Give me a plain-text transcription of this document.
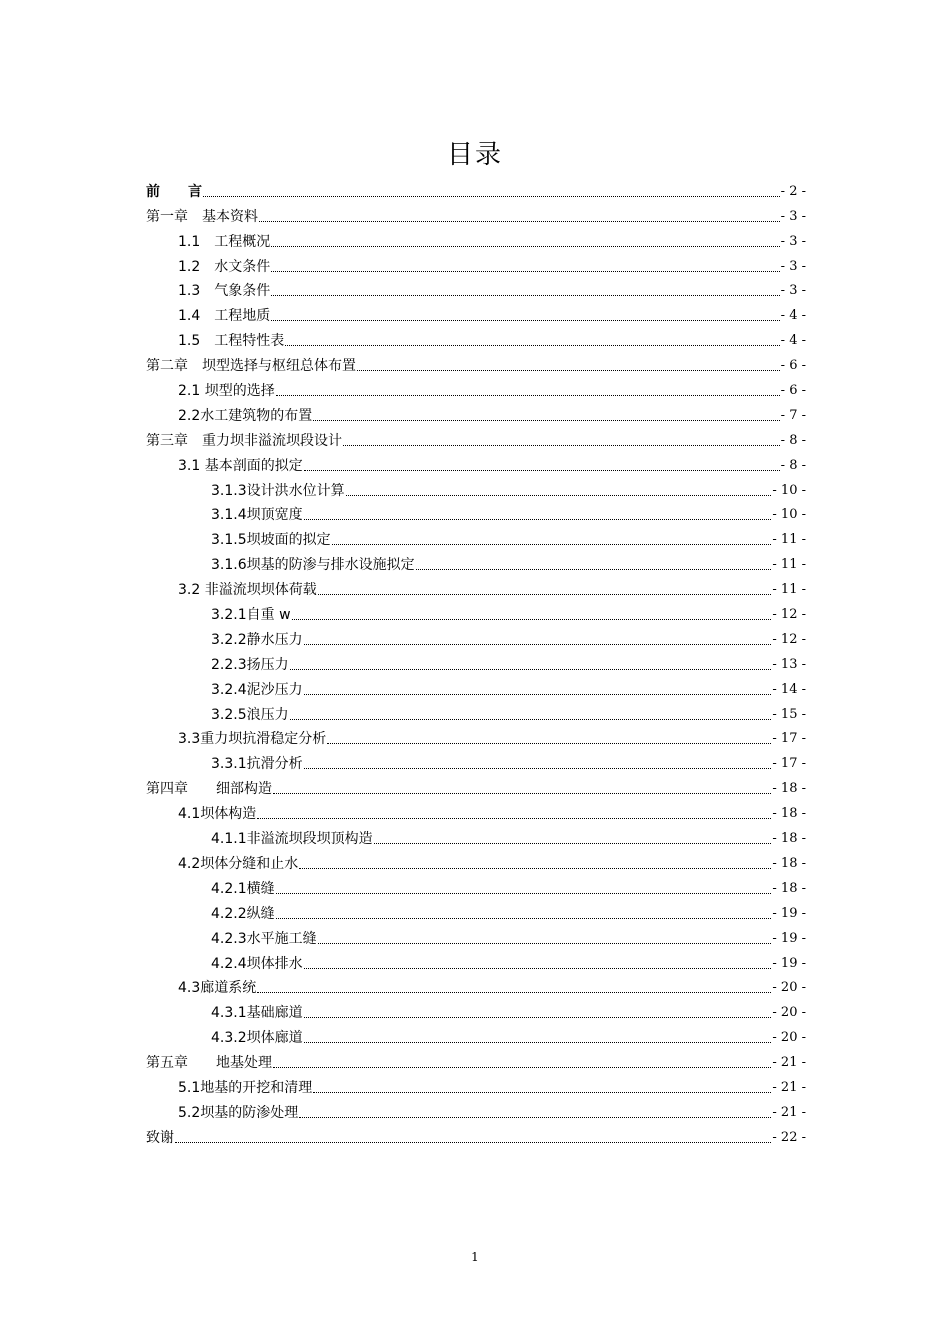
目录
前　　言	- 2 -
第一章　基本资料	- 3 -
1.1　工程概况	- 3 -
1.2　水文条件	- 3 -
1.3　气象条件	- 3 -
1.4　工程地质	- 4 -
1.5　工程特性表	- 4 -
第二章　坝型选择与枢纽总体布置	- 6 -
2.1 坝型的选择	- 6 -
2.2水工建筑物的布置	- 7 -
第三章　重力坝非溢流坝段设计	- 8 -
3.1 基本剖面的拟定	- 8 -
3.1.3设计洪水位计算	- 10 -
3.1.4坝顶宽度	- 10 -
3.1.5坝坡面的拟定	- 11 -
3.1.6坝基的防渗与排水设施拟定	- 11 -
3.2 非溢流坝坝体荷载	- 11 -
3.2.1自重 w	- 12 -
3.2.2静水压力	- 12 -
2.2.3扬压力	- 13 -
3.2.4泥沙压力	- 14 -
3.2.5浪压力	- 15 -
3.3重力坝抗滑稳定分析	- 17 -
3.3.1抗滑分析	- 17 -
第四章　　细部构造	- 18 -
4.1坝体构造	- 18 -
4.1.1非溢流坝段坝顶构造	- 18 -
4.2坝体分缝和止水	- 18 -
4.2.1横缝	- 18 -
4.2.2纵缝	- 19 -
4.2.3水平施工缝	- 19 -
4.2.4坝体排水	- 19 -
4.3廊道系统	- 20 -
4.3.1基础廊道	- 20 -
4.3.2坝体廊道	- 20 -
第五章　　地基处理	- 21 -
5.1地基的开挖和清理	- 21 -
5.2坝基的防渗处理	- 21 -
致谢	- 22 -
1
